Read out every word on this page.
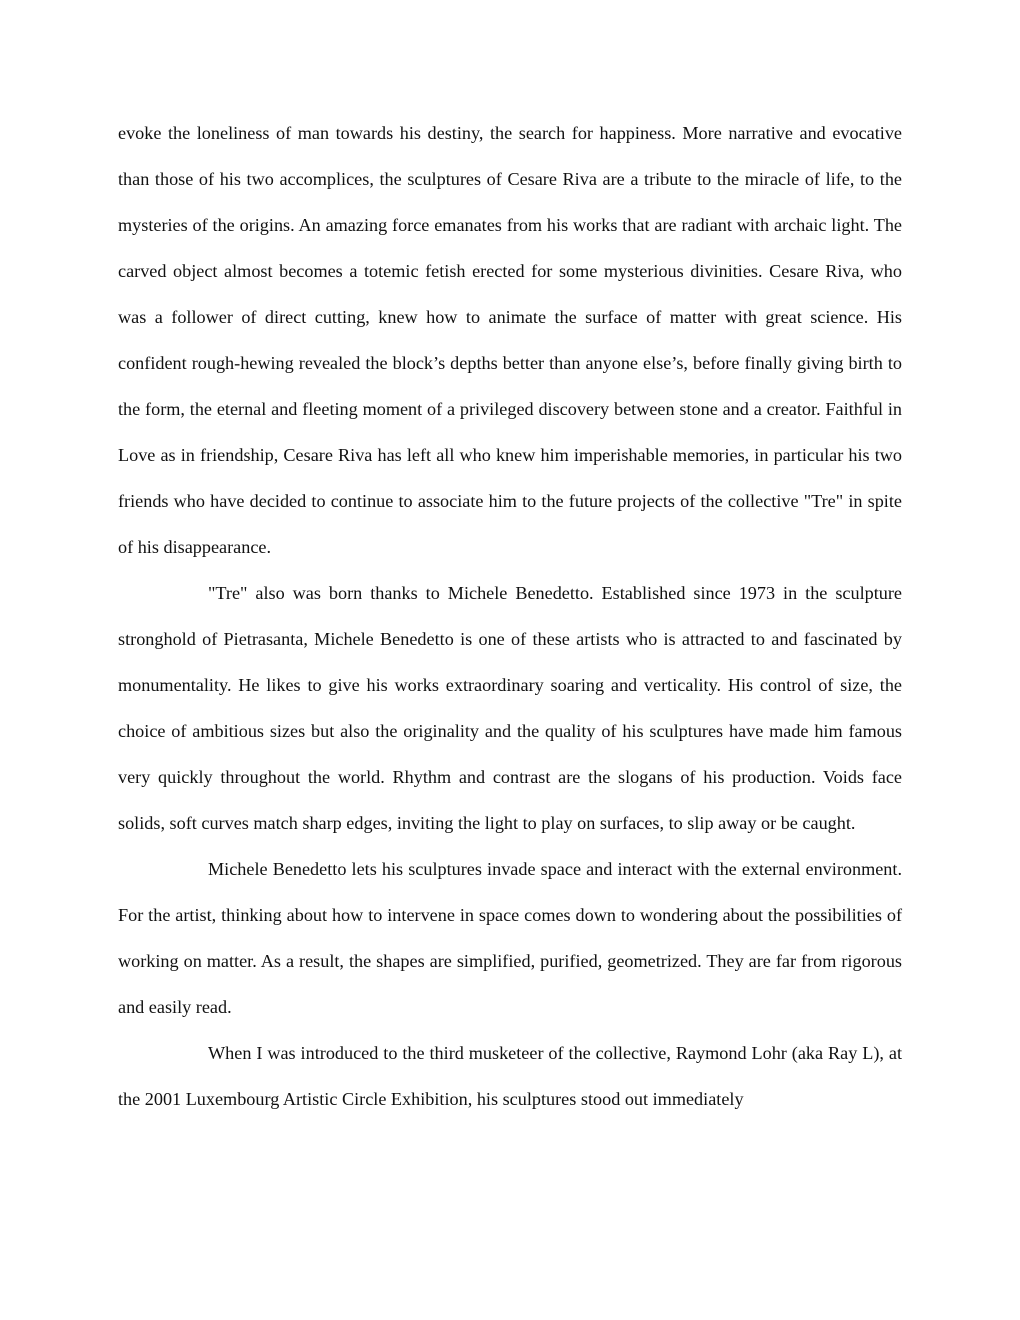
evoke the loneliness of man towards his destiny, the search for happiness. More narrative and evocative than those of his two accomplices, the sculptures of Cesare Riva are a tribute to the miracle of life, to the mysteries of the origins. An amazing force emanates from his works that are radiant with archaic light. The carved object almost becomes a totemic fetish erected for some mysterious divinities. Cesare Riva, who was a follower of direct cutting, knew how to animate the surface of matter with great science. His confident rough-hewing revealed the block’s depths better than anyone else’s, before finally giving birth to the form, the eternal and fleeting moment of a privileged discovery between stone and a creator. Faithful in Love as in friendship, Cesare Riva has left all who knew him imperishable memories, in particular his two friends who have decided to continue to associate him to the future projects of the collective "Tre" in spite of his disappearance.

"Tre" also was born thanks to Michele Benedetto. Established since 1973 in the sculpture stronghold of Pietrasanta, Michele Benedetto is one of these artists who is attracted to and fascinated by monumentality. He likes to give his works extraordinary soaring and verticality. His control of size, the choice of ambitious sizes but also the originality and the quality of his sculptures have made him famous very quickly throughout the world. Rhythm and contrast are the slogans of his production. Voids face solids, soft curves match sharp edges, inviting the light to play on surfaces, to slip away or be caught.

Michele Benedetto lets his sculptures invade space and interact with the external environment. For the artist, thinking about how to intervene in space comes down to wondering about the possibilities of working on matter. As a result, the shapes are simplified, purified, geometrized. They are far from rigorous and easily read.

When I was introduced to the third musketeer of the collective, Raymond Lohr (aka Ray L), at the 2001 Luxembourg Artistic Circle Exhibition, his sculptures stood out immediately
